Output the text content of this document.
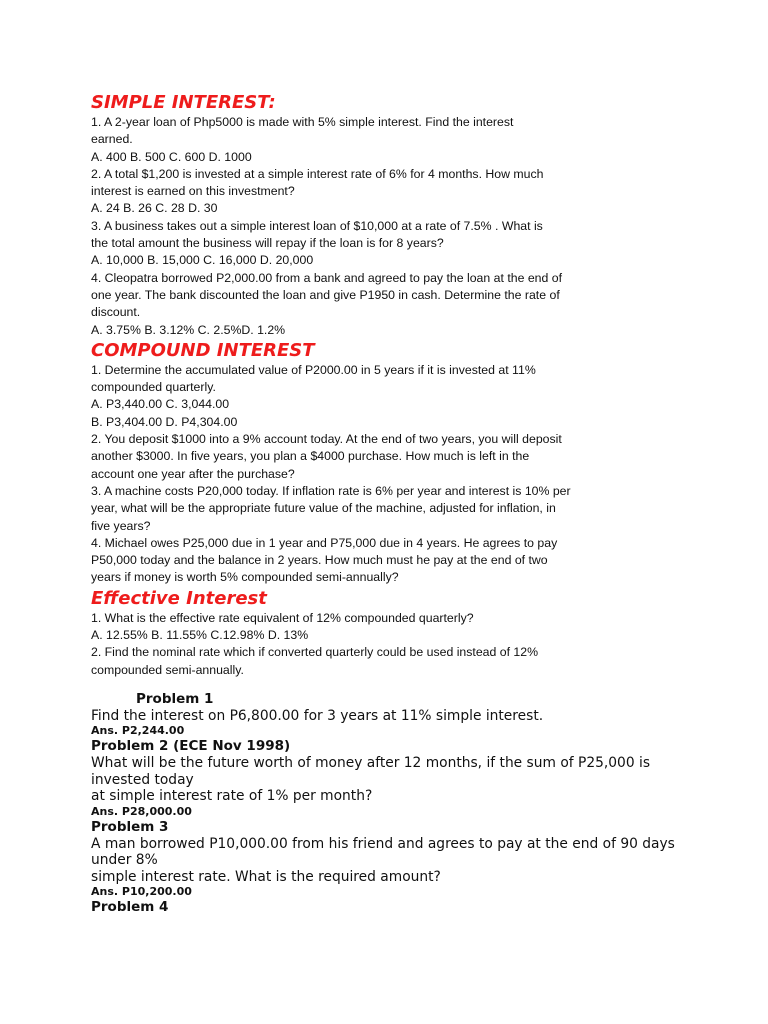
SIMPLE INTEREST:

1. A 2-year loan of Php5000 is made with 5% simple interest. Find the interest

earned.

A. 400 B. 500 C. 600 D. 1000

2. A total $1,200 is invested at a simple interest rate of 6% for 4 months. How much

interest is earned on this investment?

A. 24 B. 26 C. 28 D. 30

3. A business takes out a simple interest loan of $10,000 at a rate of 7.5% . What is

the total amount the business will repay if the loan is for 8 years?

A. 10,000 B. 15,000 C. 16,000 D. 20,000

4. Cleopatra borrowed P2,000.00 from a bank and agreed to pay the loan at the end of

one year. The bank discounted the loan and give P1950 in cash. Determine the rate of

discount.

A. 3.75% B. 3.12% C. 2.5%D. 1.2%

COMPOUND INTEREST

1. Determine the accumulated value of P2000.00 in 5 years if it is invested at 11%

compounded quarterly.

A. P3,440.00 C. 3,044.00

B. P3,404.00 D. P4,304.00

2. You deposit $1000 into a 9% account today. At the end of two years, you will deposit

another $3000. In five years, you plan a $4000 purchase. How much is left in the

account one year after the purchase?

3. A machine costs P20,000 today. If inflation rate is 6% per year and interest is 10% per

year, what will be the appropriate future value of the machine, adjusted for inflation, in

five years?

4. Michael owes P25,000 due in 1 year and P75,000 due in 4 years. He agrees to pay

P50,000 today and the balance in 2 years. How much must he pay at the end of two

years if money is worth 5% compounded semi-annually?

Effective Interest

1. What is the effective rate equivalent of 12% compounded quarterly?

A. 12.55% B. 11.55% C.12.98% D. 13%

2. Find the nominal rate which if converted quarterly could be used instead of 12%

compounded semi-annually.

Problem 1

Find the interest on P6,800.00 for 3 years at 11% simple interest.

Ans. P2,244.00

Problem 2 (ECE Nov 1998)

What will be the future worth of money after 12 months, if the sum of P25,000 is

invested today

at simple interest rate of 1% per month?

Ans. P28,000.00

Problem 3

A man borrowed P10,000.00 from his friend and agrees to pay at the end of 90 days

under 8%

simple interest rate. What is the required amount?

Ans. P10,200.00

Problem 4
